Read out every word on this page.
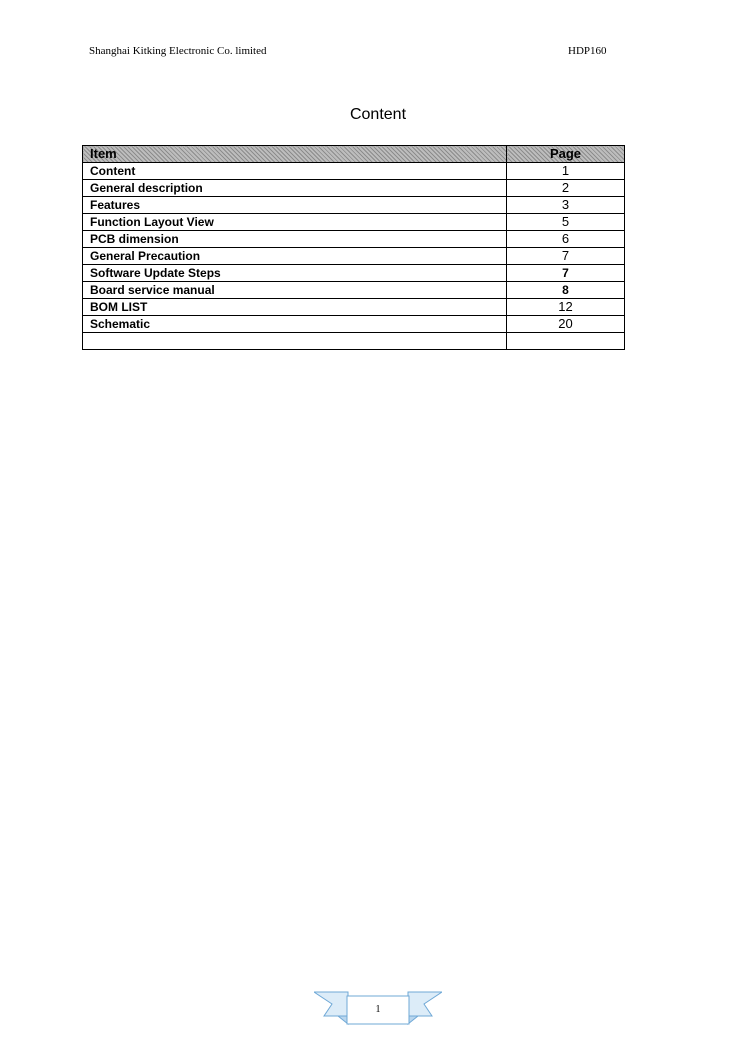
Shanghai Kitking Electronic Co. limited	HDP160
Content
Item	Page
Content	1
General description	2
Features	3
Function Layout View	5
PCB dimension	6
General Precaution	7
Software Update Steps	7
Board service manual	8
BOM LIST	12
Schematic	20

1
